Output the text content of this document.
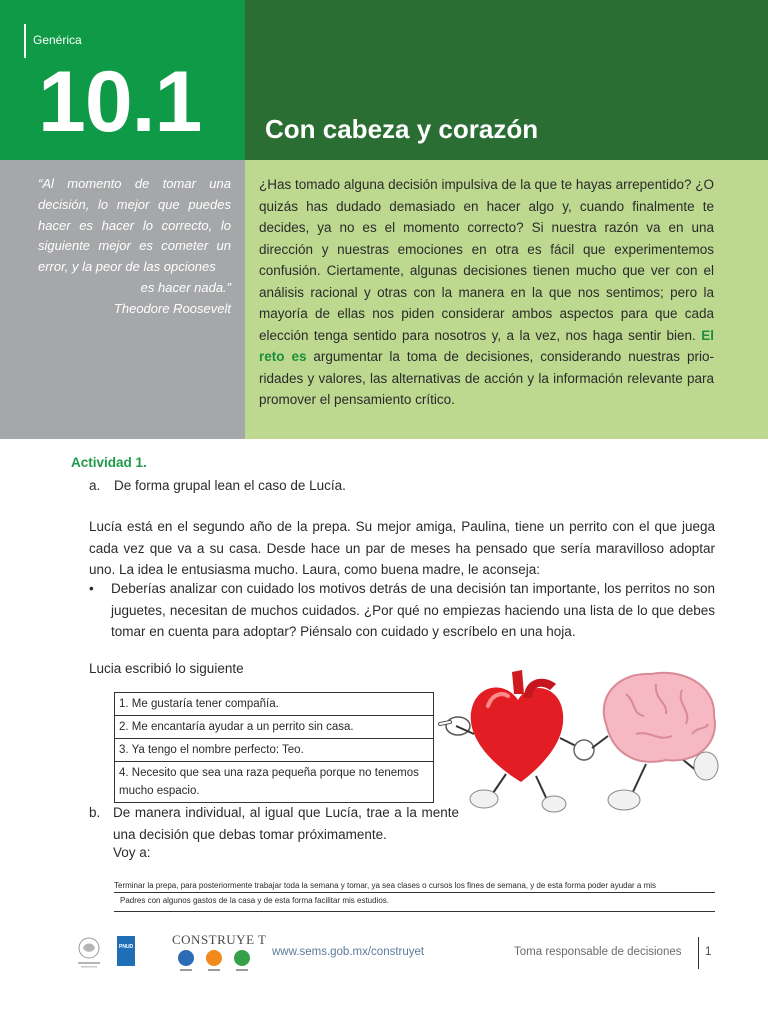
Genérica
10.1 Con cabeza y corazón
“Al momento de tomar una decisión, lo mejor que puedes hacer es hacer lo correcto, lo siguiente mejor es cometer un error, y la peor de las opciones
es hacer nada.”
Theodore Roosevelt
¿Has tomado alguna decisión impulsiva de la que te hayas arrepentido? ¿O quizás has dudado demasiado en hacer algo y, cuando finalmente te decides, ya no es el momento correcto? Si nuestra razón va en una dirección y nuestras emociones en otra es fácil que experimentemos confusión. Ciertamente, algunas decisiones tienen mucho que ver con el análisis racional y otras con la manera en la que nos sentimos; pero la mayoría de ellas nos piden considerar ambos aspectos para que cada elección tenga sentido para nosotros y, a la vez, nos haga sentir bien. El reto es argumentar la toma de decisiones, considerando nuestras prio-ridades y valores, las alternativas de acción y la información relevante para promover el pensamiento crítico.
Actividad 1.
a. De forma grupal lean el caso de Lucía.
Lucía está en el segundo año de la prepa. Su mejor amiga, Paulina, tiene un perrito con el que juega cada vez que va a su casa. Desde hace un par de meses ha pensado que sería maravilloso adoptar uno. La idea le entusiasma mucho. Laura, como buena madre, le aconseja:
• Deberías analizar con cuidado los motivos detrás de una decisión tan importante, los perritos no son juguetes, necesitan de muchos cuidados. ¿Por qué no empiezas haciendo una lista de lo que debes tomar en cuenta para adoptar? Piénsalo con cuidado y escríbelo en una hoja.
Lucia escribió lo siguiente
1. Me gustaría tener compañía.
2. Me encantaría ayudar a un perrito sin casa.
3. Ya tengo el nombre perfecto: Teo.
4. Necesito que sea una raza pequeña porque no tenemos mucho espacio.
b. De manera individual, al igual que Lucía, trae a la mente una decisión que debas tomar próximamente.
Voy a:
Terminar la prepa, para posteriormente trabajar toda la semana y tomar, ya sea clases o cursos los fines de semana, y de esta forma poder ayudar a mis
Padres con algunos gastos de la casa y de esta forma facilitar mis estudios.
PNUD	CONSTRUYE T
www.sems.gob.mx/construyet	Toma responsable de decisiones 1
